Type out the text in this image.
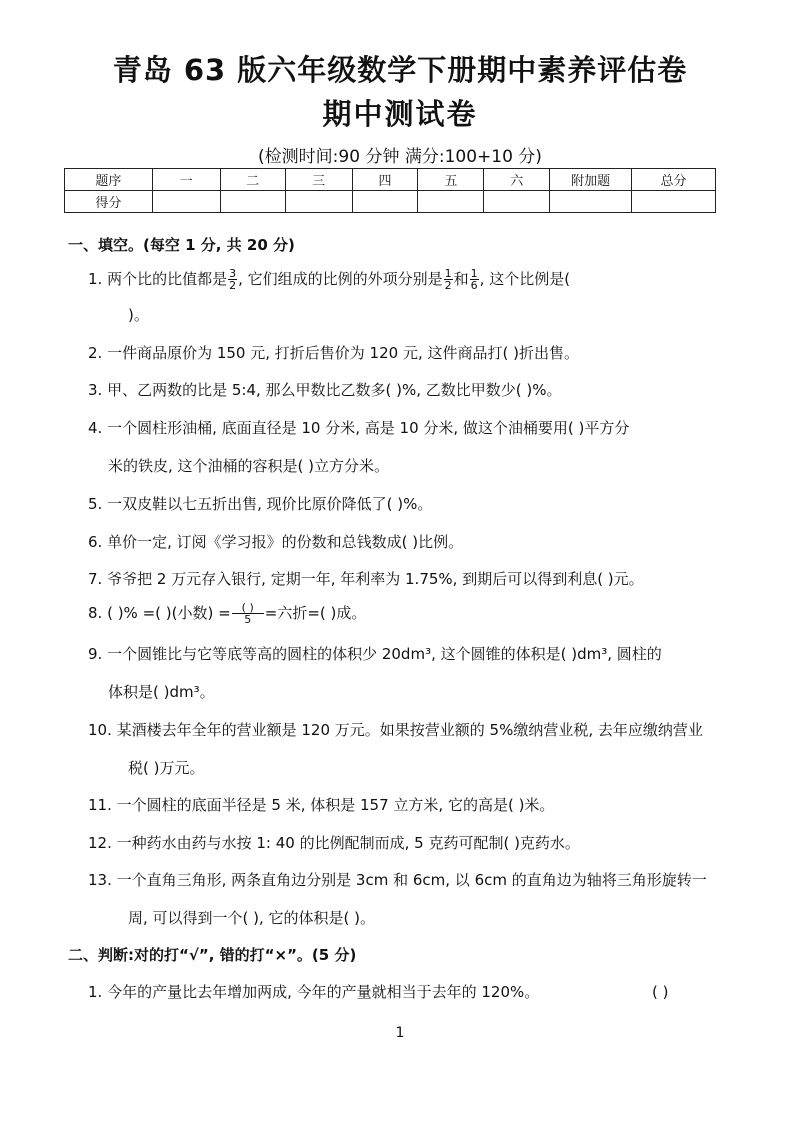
青岛 63 版六年级数学下册期中素养评估卷
期中测试卷
(检测时间:90 分钟 满分:100+10 分)
题序	一	二	三	四	五	六	附加题	总分
得分								
一、填空。(每空 1 分, 共 20 分)
1. 两个比的比值都是 $\frac{3}{2}$ , 它们组成的比例的外项分别是 $\frac{1}{2}$ 和 $\frac{1}{6}$ , 这个比例是(
)。
2. 一件商品原价为 150 元, 打折后售价为 120 元, 这件商品打( )折出售。
3. 甲、乙两数的比是 5:4, 那么甲数比乙数多( )%, 乙数比甲数少( )%。
4. 一个圆柱形油桶, 底面直径是 10 分米, 高是 10 分米, 做这个油桶要用( )平方分
米的铁皮, 这个油桶的容积是( )立方分米。
5. 一双皮鞋以七五折出售, 现价比原价降低了( )%。
6. 单价一定, 订阅《学习报》的份数和总钱数成( )比例。
7. 爷爷把 2 万元存入银行, 定期一年, 年利率为 1.75%, 到期后可以得到利息( )元。
8. ( )% =( )(小数) = $\frac{( )}{5}$ =六折=( )成。
9. 一个圆锥比与它等底等高的圆柱的体积少 20dm³, 这个圆锥的体积是( )dm³, 圆柱的
体积是( )dm³。
10. 某酒楼去年全年的营业额是 120 万元。如果按营业额的 5%缴纳营业税, 去年应缴纳营业
税( )万元。
11. 一个圆柱的底面半径是 5 米, 体积是 157 立方米, 它的高是( )米。
12. 一种药水由药与水按 1: 40 的比例配制而成, 5 克药可配制( )克药水。
13. 一个直角三角形, 两条直角边分别是 3cm 和 6cm, 以 6cm 的直角边为轴将三角形旋转一
周, 可以得到一个( ), 它的体积是( )。
二、判断:对的打“√”, 错的打“×”。(5 分)
1. 今年的产量比去年增加两成, 今年的产量就相当于去年的 120%。	( )
1
